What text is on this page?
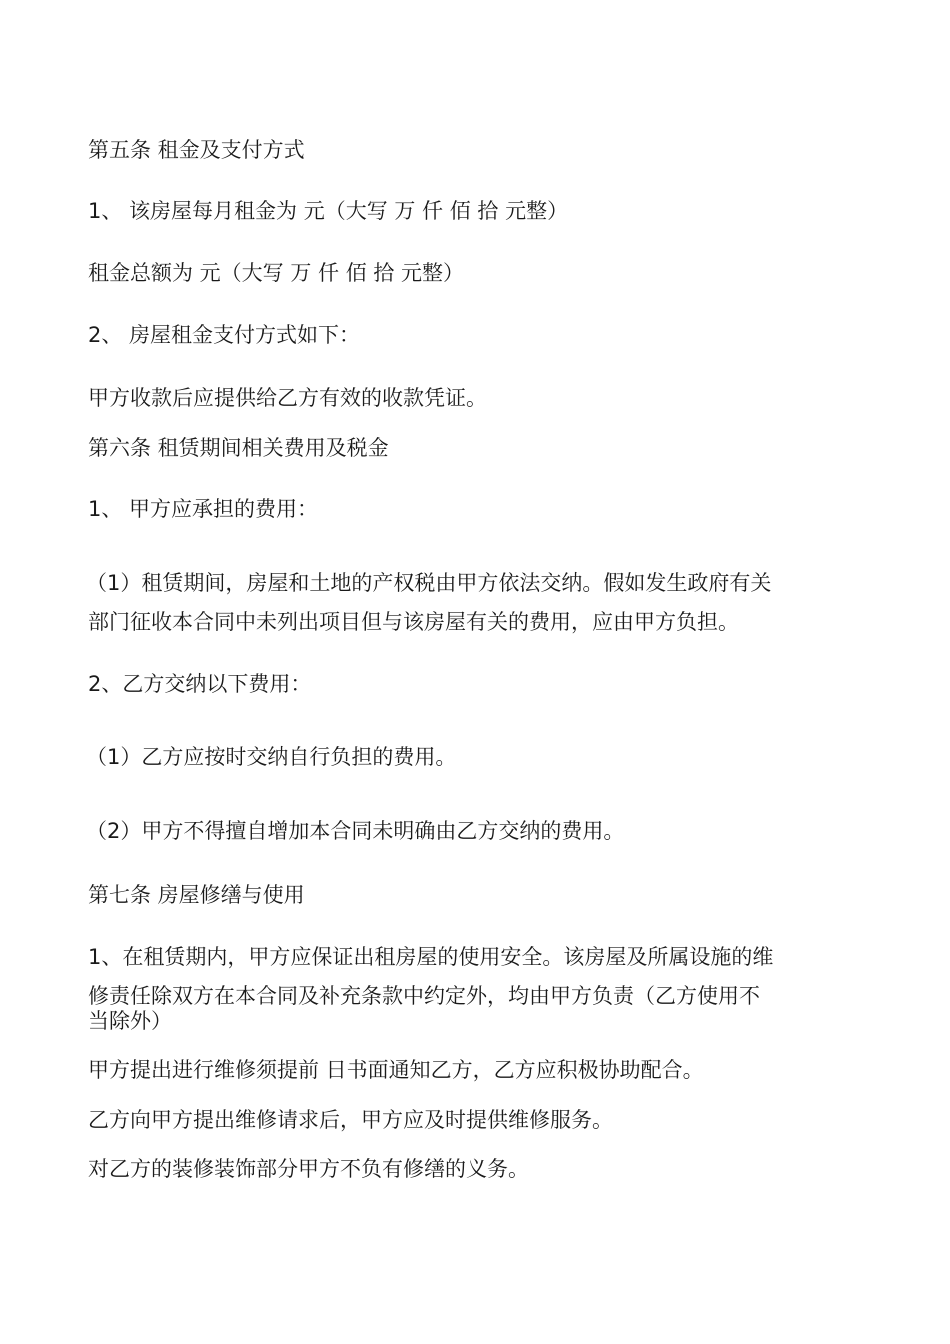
第五条 租金及支付方式
1、 该房屋每月租金为 元（大写 万 仟 佰 拾 元整）
租金总额为 元（大写 万 仟 佰 拾 元整）
2、 房屋租金支付方式如下：
甲方收款后应提供给乙方有效的收款凭证。
第六条 租赁期间相关费用及税金
1、 甲方应承担的费用：
（1）租赁期间，房屋和土地的产权税由甲方依法交纳。假如发生政府有关
部门征收本合同中未列出项目但与该房屋有关的费用，应由甲方负担。
2、乙方交纳以下费用：
（1）乙方应按时交纳自行负担的费用。
（2）甲方不得擅自增加本合同未明确由乙方交纳的费用。
第七条 房屋修缮与使用
1、在租赁期内，甲方应保证出租房屋的使用安全。该房屋及所属设施的维
修责任除双方在本合同及补充条款中约定外，均由甲方负责（乙方使用不
当除外）
甲方提出进行维修须提前 日书面通知乙方，乙方应积极协助配合。
乙方向甲方提出维修请求后，甲方应及时提供维修服务。
对乙方的装修装饰部分甲方不负有修缮的义务。
